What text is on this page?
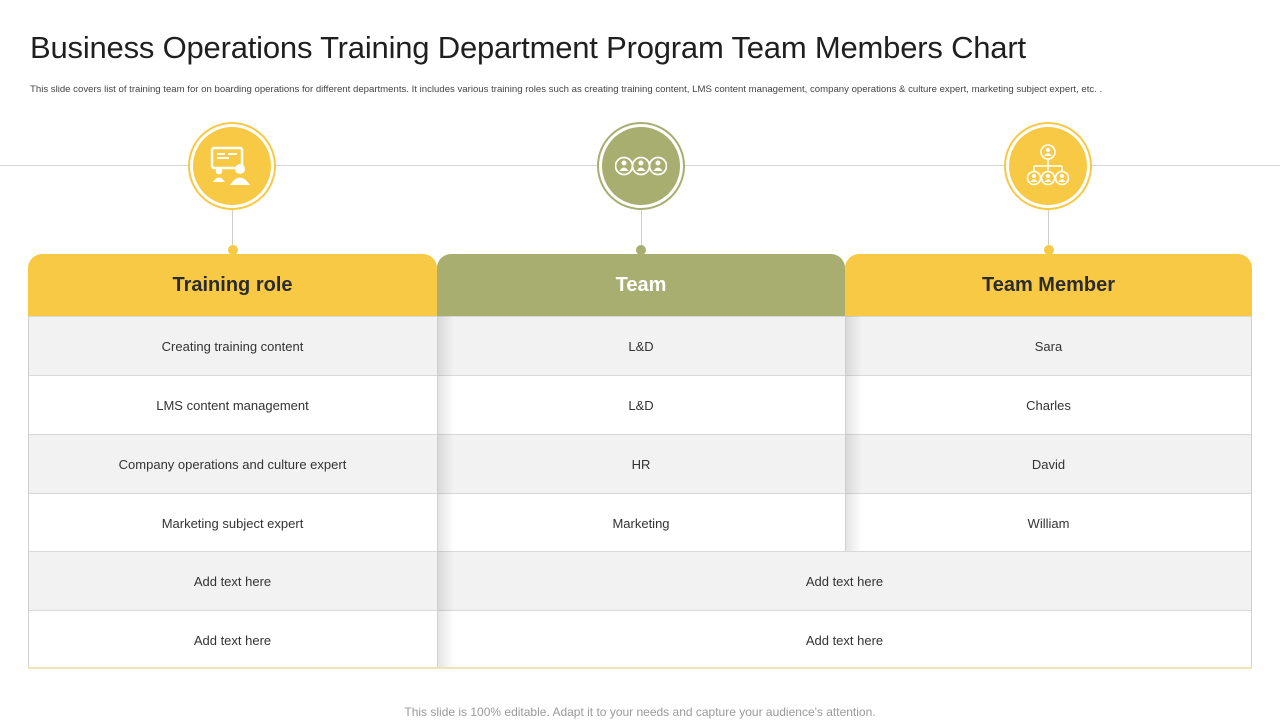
Business Operations Training Department Program Team Members Chart
This slide covers list of training team for on boarding operations for different departments. It includes various training roles such as creating training content, LMS content management, company operations & culture expert, marketing subject expert, etc. .
Training role	Team	Team Member
Creating training content	L&D	Sara
LMS content management	L&D	Charles
Company operations and culture expert	HR	David
Marketing subject expert	Marketing	William
Add text here	Add text here
Add text here	Add text here
This slide is 100% editable. Adapt it to your needs and capture your audience's attention.
